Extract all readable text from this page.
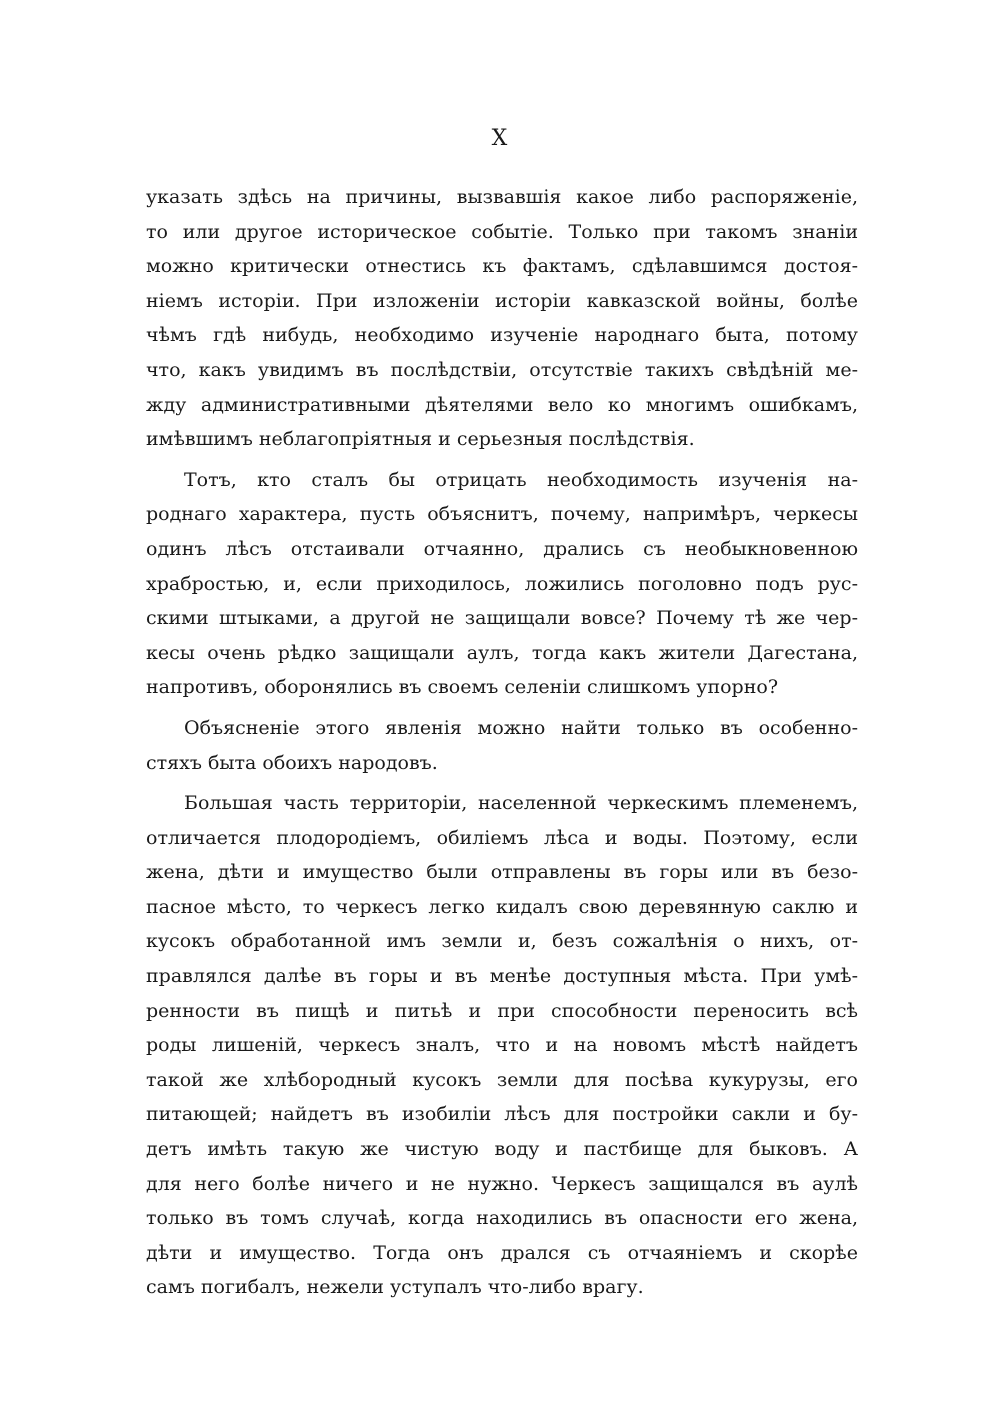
X
указать здѣсь на причины, вызвавшія какое либо распоряженіе,
то или другое историческое событіе. Только при такомъ знаніи
можно критически отнестись къ фактамъ, сдѣлавшимся достоя-
ніемъ исторіи. При изложеніи исторіи кавказской войны, болѣе
чѣмъ гдѣ нибудь, необходимо изученіе народнаго быта, потому
что, какъ увидимъ въ послѣдствіи, отсутствіе такихъ свѣдѣній ме-
жду административными дѣятелями вело ко многимъ ошибкамъ,
имѣвшимъ неблагопріятныя и серьезныя послѣдствія.
Тотъ, кто сталъ бы отрицать необходимость изученія на-
роднаго характера, пусть объяснитъ, почему, напримѣръ, черкесы
одинъ лѣсъ отстаивали отчаянно, дрались съ необыкновенною
храбростью, и, если приходилось, ложились поголовно подъ рус-
скими штыками, а другой не защищали вовсе? Почему тѣ же чер-
кесы очень рѣдко защищали аулъ, тогда какъ жители Дагестана,
напротивъ, оборонялись въ своемъ селеніи слишкомъ упорно?
Объясненіе этого явленія можно найти только въ особенно-
стяхъ быта обоихъ народовъ.
Большая часть территоріи, населенной черкескимъ племенемъ,
отличается плодородіемъ, обиліемъ лѣса и воды. Поэтому, если
жена, дѣти и имущество были отправлены въ горы или въ безо-
пасное мѣсто, то черкесъ легко кидалъ свою деревянную саклю и
кусокъ обработанной имъ земли и, безъ сожалѣнія о нихъ, от-
правлялся далѣе въ горы и въ менѣе доступныя мѣста. При умѣ-
ренности въ пищѣ и питьѣ и при способности переносить всѣ
роды лишеній, черкесъ зналъ, что и на новомъ мѣстѣ найдетъ
такой же хлѣбородный кусокъ земли для посѣва кукурузы, его
питающей; найдетъ въ изобиліи лѣсъ для постройки сакли и бу-
детъ имѣть такую же чистую воду и пастбище для быковъ. А
для него болѣе ничего и не нужно. Черкесъ защищался въ аулѣ
только въ томъ случаѣ, когда находились въ опасности его жена,
дѣти и имущество. Тогда онъ дрался съ отчаяніемъ и скорѣе
самъ погибалъ, нежели уступалъ что-либо врагу.
